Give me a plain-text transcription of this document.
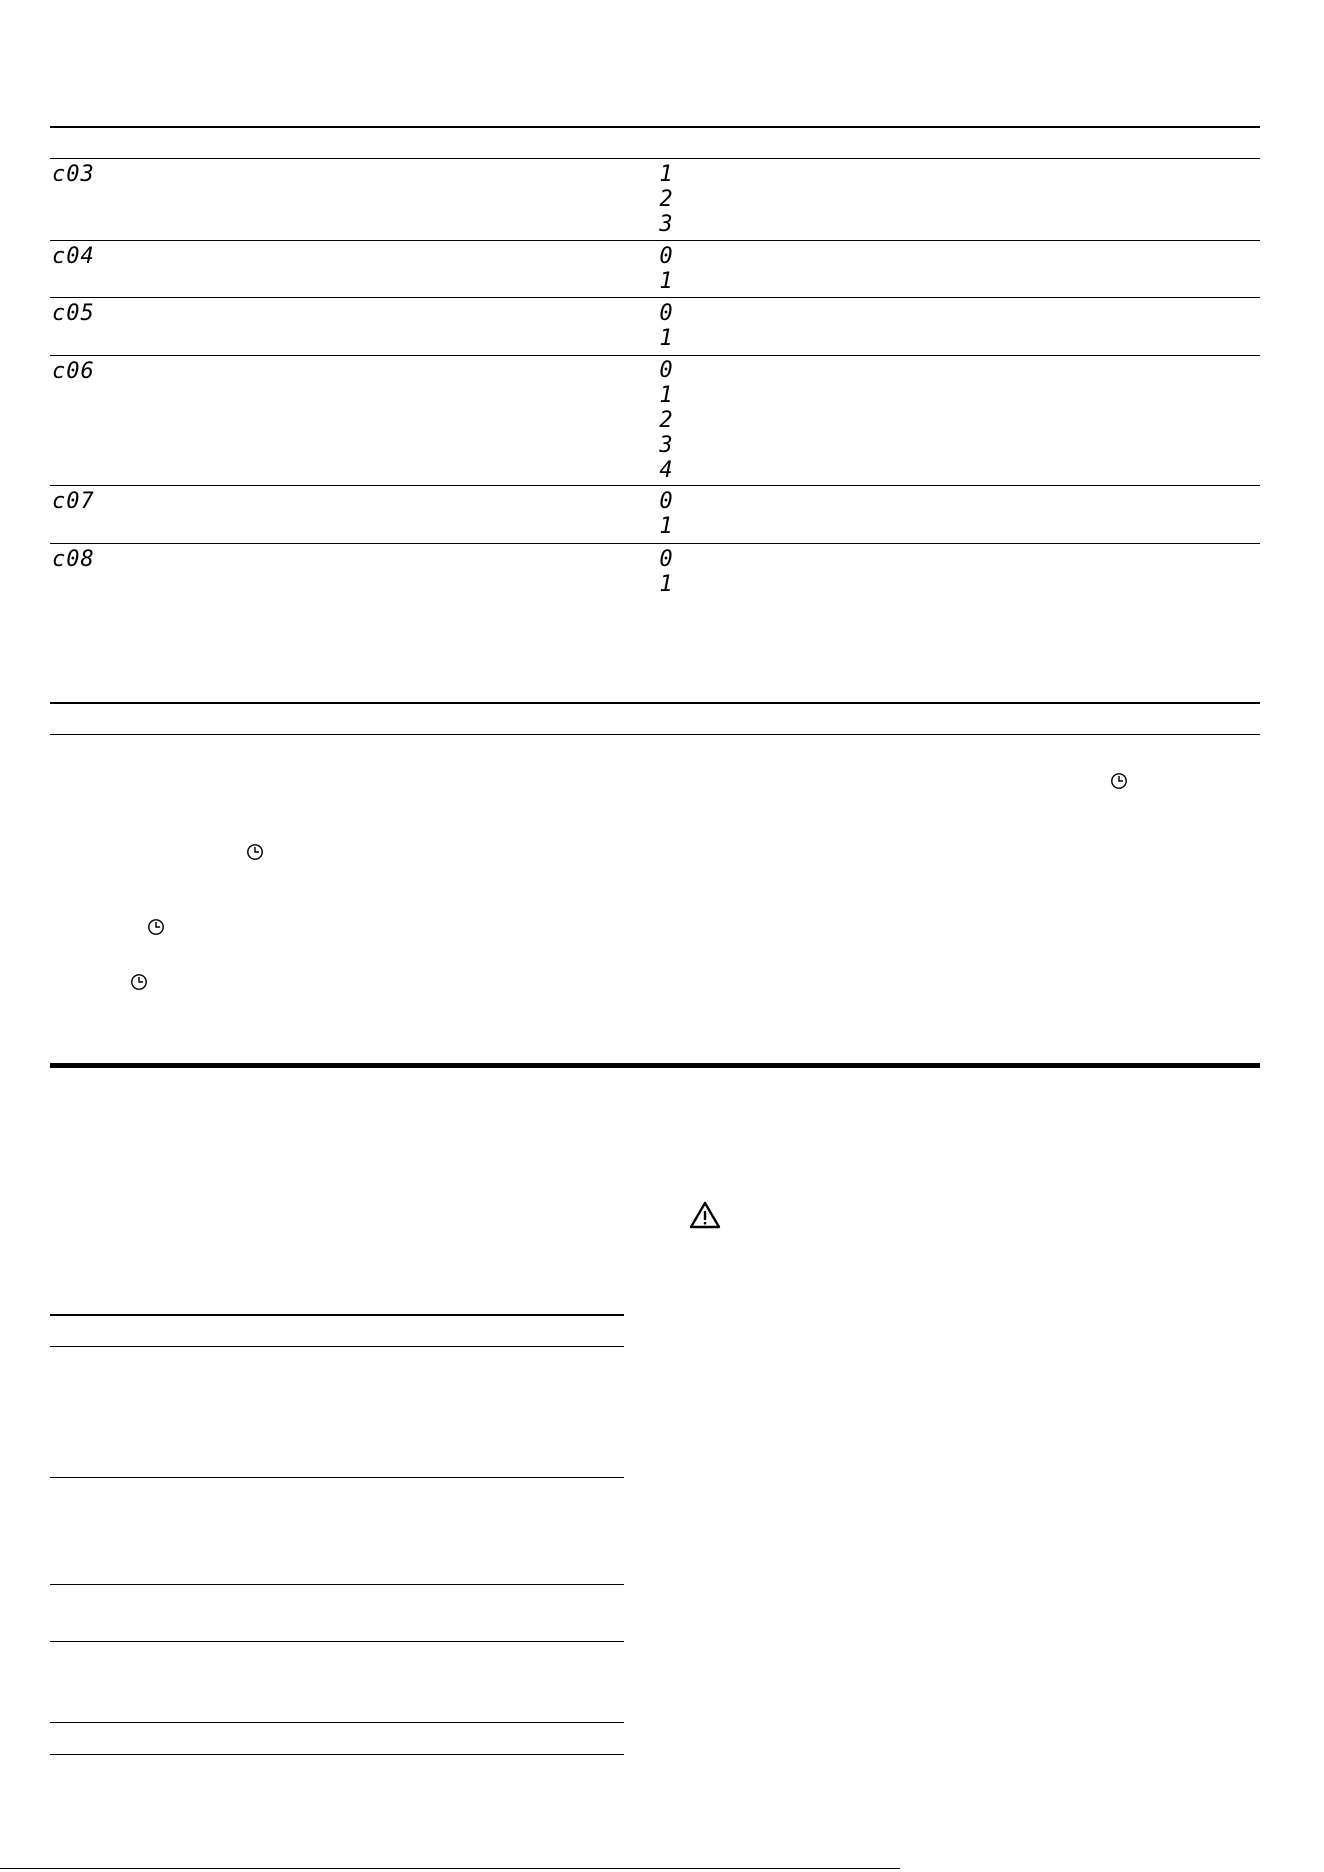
c03	1
2
3
c04	0
1
c05	0
1
c06	0
1
2
3
4
c07	0
1
c08	0
1
